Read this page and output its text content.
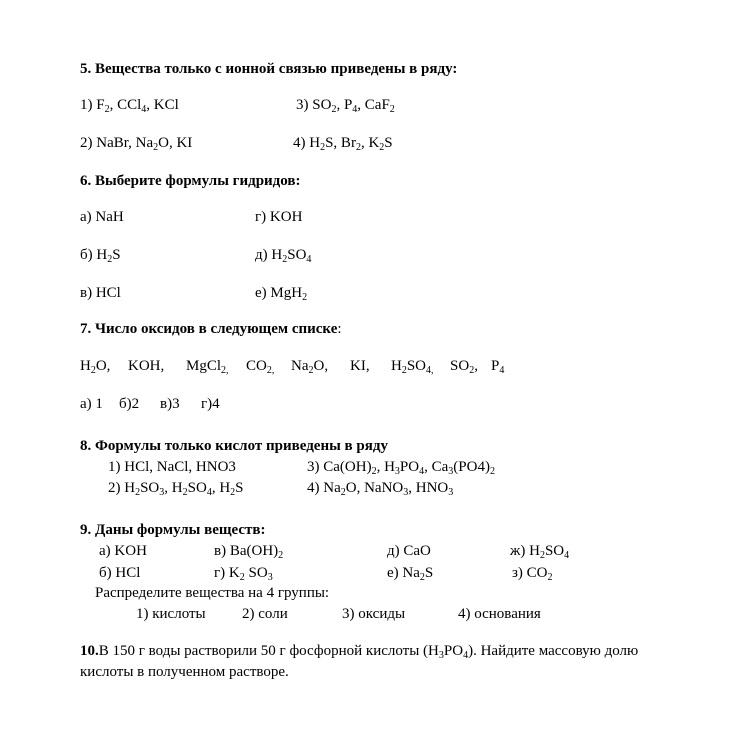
5. Вещества только с ионной связью приведены в ряду:
1) $F_2$, CCl$_4$, KCl	3) $SO_2$, $P_4$, CaF$_2$
2) NaBr, $Na_2O$, KI	4) $H_2S$, $Br_2$, $K_2S$
6. Выберите формулы гидридов:
а) NaH	г) KOH
б) $H_2S$	д) $H_2SO_4$
в) HCl	е) MgH$_2$
7. Число оксидов в следующем списке:
$H_2O$, KOH, MgCl$_{2,}$ $CO_{2,}$ $Na_2O$, KI, $H_2SO_{4,}$ $SO_2$, $P_4$
а) 1 б)2 в)3 г)4
8. Формулы только кислот приведены в ряду
1) HCl, NaCl, HNO3	3) $Ca(OH)_2$, $H_3PO_4$, $Ca_3(PO4)_2$
2) $H_2SO_3$, $H_2SO_4$, $H_2S$	4) $Na_2O$, NaNO$_3$, $HNO_3$
9. Даны формулы веществ:
а) KOH	в) $Ba(OH)_2$	д) CaO	ж) $H_2SO_4$
б) HCl	г) $K_2$ $SO_3$	е) $Na_2S$	з) $CO_2$
Распределите вещества на 4 группы:
1) кислоты 2) соли	3) оксиды	4) основания
10.В 150 г воды растворили 50 г фосфорной кислоты $(H_3PO_4)$. Найдите массовую долю
кислоты в полученном растворе.
